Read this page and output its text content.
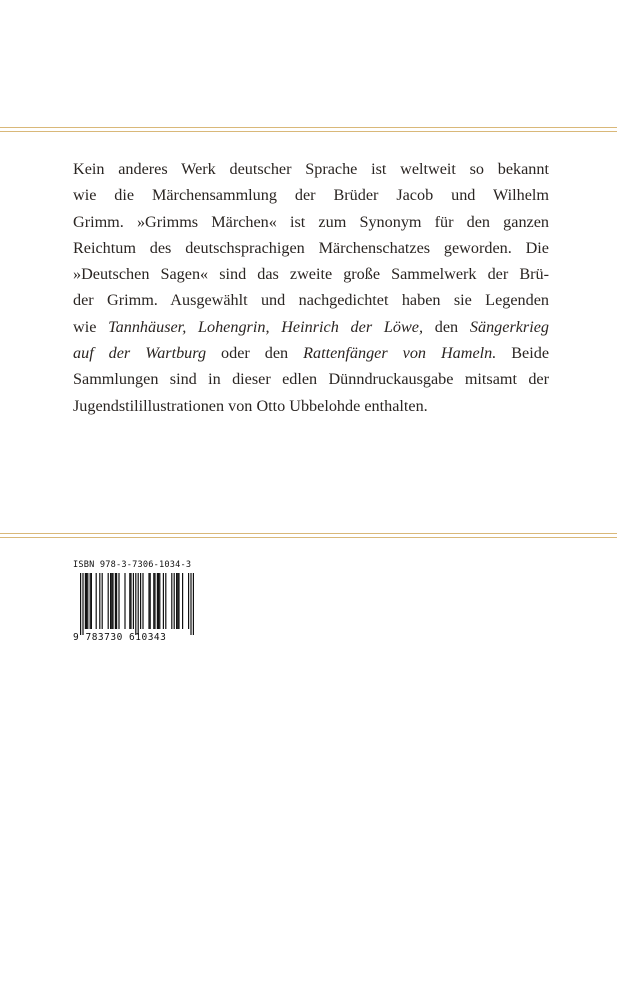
Kein anderes Werk deutscher Sprache ist weltweit so bekannt
wie die Märchensammlung der Brüder Jacob und Wilhelm
Grimm. »Grimms Märchen« ist zum Synonym für den ganzen
Reichtum des deutschsprachigen Märchenschatzes geworden. Die
»Deutschen Sagen« sind das zweite große Sammelwerk der Brü-
der Grimm. Ausgewählt und nachgedichtet haben sie Legenden
wie Tannhäuser, Lohengrin, Heinrich der Löwe, den Sängerkrieg
auf der Wartburg oder den Rattenfänger von Hameln. Beide
Sammlungen sind in dieser edlen Dünndruckausgabe mitsamt der
Jugendstilillustrationen von Otto Ubbelohde enthalten.
ISBN 978-3-7306-1034-3
9 783730 610343
